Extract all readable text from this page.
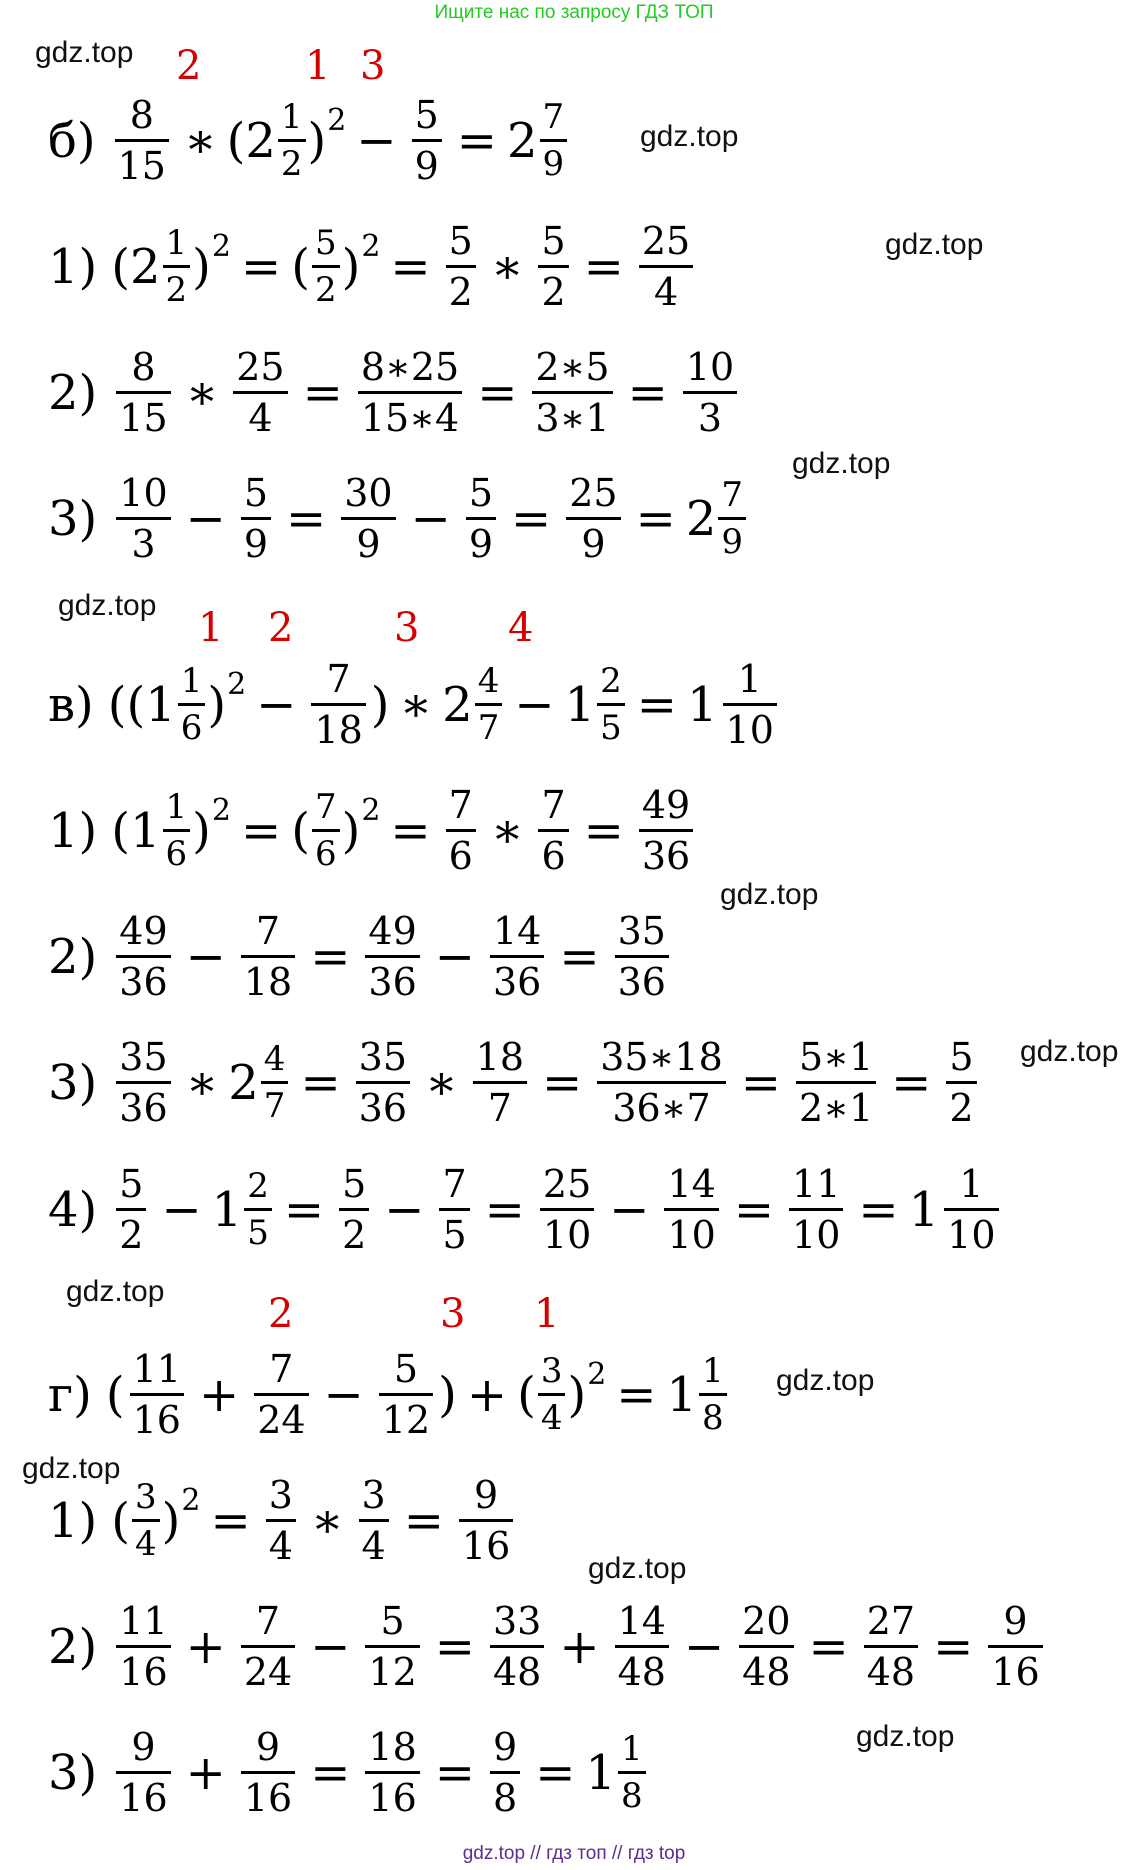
Ищите нас по запросу ГДЗ ТОП
gdz.top
gdz.top
gdz.top
gdz.top
gdz.top
gdz.top
gdz.top
gdz.top
gdz.top
gdz.top
gdz.top
gdz.top
2	1 3
$б) \frac{8}{15}$ ∗ ($2 \frac{1}{2}$ ) $2 - \frac{5}{9} = 2 \frac{7}{9}$
1) ($2 \frac{1}{2}$ ) 2 = ( $\frac{5}{2}$ ) $2 = \frac{5}{2}$ ∗ $\frac{5}{2} = \frac{25}{4}$
$2) \frac{8}{15}$ ∗ $\frac{25}{4} = \frac{8∗25}{15∗4} = \frac{2∗5}{3∗1} = \frac{10}{3}$
$3) \frac{10}{3} - \frac{5}{9} = \frac{30}{9} - \frac{5}{9} = \frac{25}{9} = 2 \frac{7}{9}$
1 2	3 4
в) (($1 \frac{1}{6}$ ) $2 - \frac{7}{18}$ ) ∗ $2 \frac{4}{7} - 1 \frac{2}{5} = 1 \frac{1}{10}$
1) ($1 \frac{1}{6}$ ) 2 = ( $\frac{7}{6}$ ) $2 = \frac{7}{6}$ ∗ $\frac{7}{6} = \frac{49}{36}$
$2) \frac{49}{36} - \frac{7}{18} = \frac{49}{36} - \frac{14}{36} = \frac{35}{36}$
$3) \frac{35}{36}$ ∗ $2 \frac{4}{7} = \frac{35}{36}$ ∗ $\frac{18}{7} = \frac{35∗18}{36∗7} = \frac{5∗1}{2∗1} = \frac{5}{2}$
$4) \frac{5}{2} - 1 \frac{2}{5} = \frac{5}{2} - \frac{7}{5} = \frac{25}{10} - \frac{14}{10} = \frac{11}{10} = 1 \frac{1}{10}$
2	3 1
г) ( $\frac{11}{16} + \frac{7}{24} - \frac{5}{12}$ ) + ( $\frac{3}{4}$ ) $2 = 1 \frac{1}{8}$
1) ( $\frac{3}{4}$ ) $2 = \frac{3}{4}$ ∗ $\frac{3}{4} = \frac{9}{16}$
$2) \frac{11}{16} + \frac{7}{24} - \frac{5}{12} = \frac{33}{48} + \frac{14}{48} - \frac{20}{48} = \frac{27}{48} = \frac{9}{16}$
$3) \frac{9}{16} + \frac{9}{16} = \frac{18}{16} = \frac{9}{8} = 1 \frac{1}{8}$
gdz.top // гдз топ // гдз top
